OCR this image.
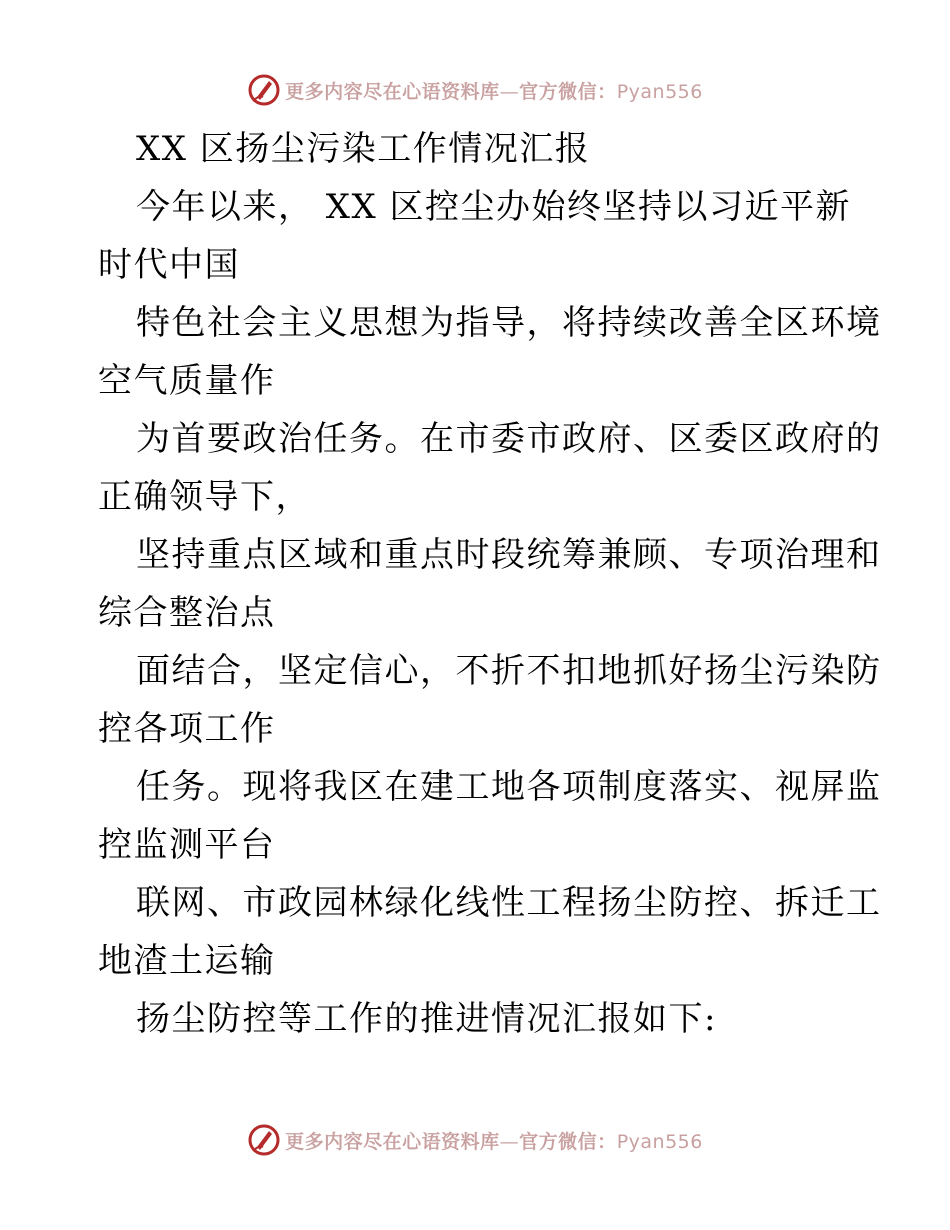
更多内容尽在心语资料库—官方微信：Pyan556
XX 区扬尘污染工作情况汇报
今年以来， XX 区控尘办始终坚持以习近平新
时代中国
特色社会主义思想为指导，将持续改善全区环境
空气质量作
为首要政治任务。在市委市政府、区委区政府的
正确领导下，
坚持重点区域和重点时段统筹兼顾、专项治理和
综合整治点
面结合，坚定信心，不折不扣地抓好扬尘污染防
控各项工作
任务。现将我区在建工地各项制度落实、视屏监
控监测平台
联网、市政园林绿化线性工程扬尘防控、拆迁工
地渣土运输
扬尘防控等工作的推进情况汇报如下:
更多内容尽在心语资料库—官方微信：Pyan556
